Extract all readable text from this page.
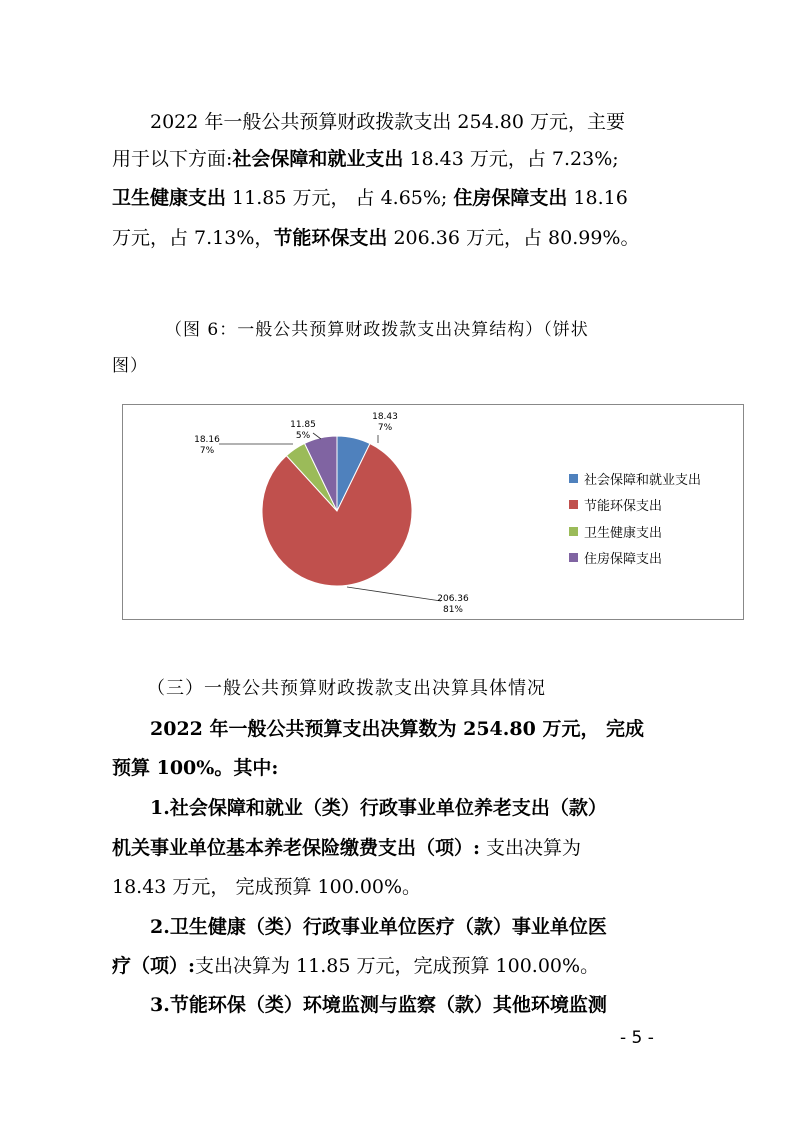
2022 年一般公共预算财政拨款支出 254.80 万元，主要

用于以下方面:社会保障和就业支出 18.43 万元，占 7.23%;

卫生健康支出 11.85 万元， 占 4.65%; 住房保障支出 18.16

万元，占 7.13%，节能环保支出 206.36 万元，占 80.99%。

（图 6：一般公共预算财政拨款支出决算结构）（饼状

图）

18.43
7%
206.36
81%
11.85
5%
18.16
7%
社会保障和就业支出
节能环保支出
卫生健康支出
住房保障支出

（三）一般公共预算财政拨款支出决算具体情况

2022 年一般公共预算支出决算数为 254.80 万元， 完成

预算 100%。其中:

1.社会保障和就业（类）行政事业单位养老支出（款）

机关事业单位基本养老保险缴费支出（项）: 支出决算为

18.43 万元， 完成预算 100.00%。

2.卫生健康（类）行政事业单位医疗（款）事业单位医

疗（项）:支出决算为 11.85 万元，完成预算 100.00%。

3.节能环保（类）环境监测与监察（款）其他环境监测

- 5 -
